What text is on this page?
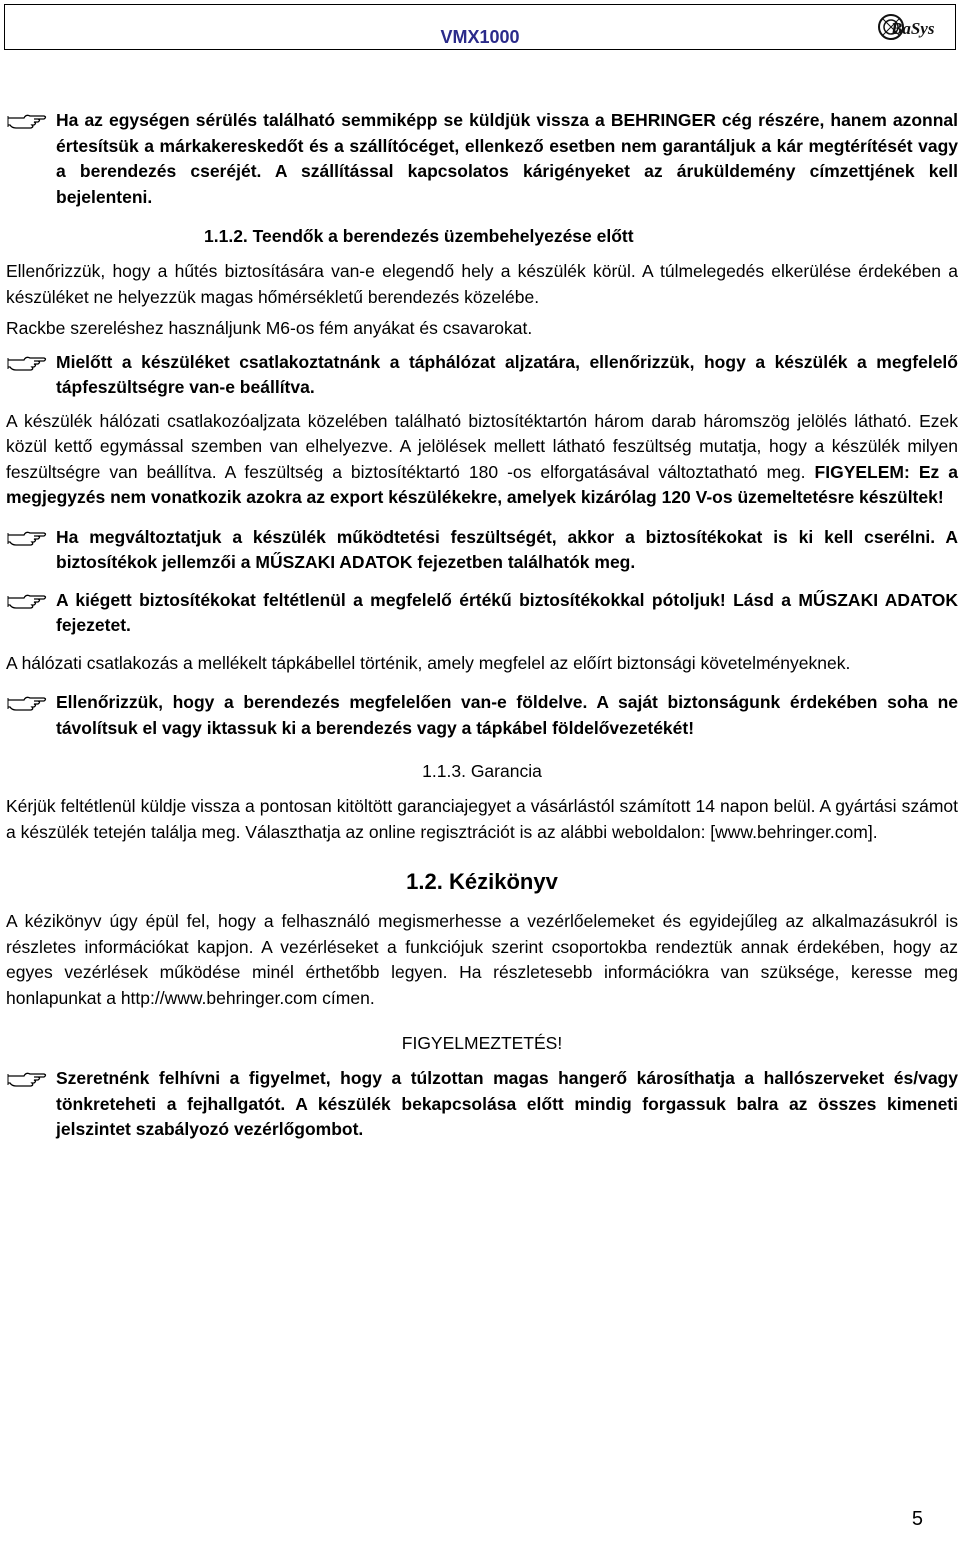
VMX1000	BaSys

Ha az egységen sérülés található semmiképp se küldjük vissza a BEHRINGER cég részére, hanem azonnal értesítsük a márkakereskedőt és a szállítócéget, ellenkező esetben nem garantáljuk a kár megtérítését vagy a berendezés cseréjét. A szállítással kapcsolatos kárigényeket az áruküldemény címzettjének kell bejelenteni.

1.1.2. Teendők a berendezés üzembehelyezése előtt

Ellenőrizzük, hogy a hűtés biztosítására van-e elegendő hely a készülék körül. A túlmelegedés elkerülése érdekében a készüléket ne helyezzük magas hőmérsékletű berendezés közelébe.

Rackbe szereléshez használjunk M6-os fém anyákat és csavarokat.

Mielőtt a készüléket csatlakoztatnánk a táphálózat aljzatára, ellenőrizzük, hogy a készülék a megfelelő tápfeszültségre van-e beállítva.

A készülék hálózati csatlakozóaljzata közelében található biztosítéktartón három darab háromszög jelölés látható. Ezek közül kettő egymással szemben van elhelyezve. A jelölések mellett látható feszültség mutatja, hogy a készülék milyen feszültségre van beállítva. A feszültség a biztosítéktartó 180 -os elforgatásával változtatható meg. FIGYELEM: Ez a megjegyzés nem vonatkozik azokra az export készülékekre, amelyek kizárólag 120 V-os üzemeltetésre készültek!

Ha megváltoztatjuk a készülék működtetési feszültségét, akkor a biztosítékokat is ki kell cserélni. A biztosítékok jellemzői a MŰSZAKI ADATOK fejezetben találhatók meg.

A kiégett biztosítékokat feltétlenül a megfelelő értékű biztosítékokkal pótoljuk! Lásd a MŰSZAKI ADATOK fejezetet.

A hálózati csatlakozás a mellékelt tápkábellel történik, amely megfelel az előírt biztonsági követelményeknek.

Ellenőrizzük, hogy a berendezés megfelelően van-e földelve. A saját biztonságunk érdekében soha ne távolítsuk el vagy iktassuk ki a berendezés vagy a tápkábel földelővezetékét!

1.1.3. Garancia

Kérjük feltétlenül küldje vissza a pontosan kitöltött garanciajegyet a vásárlástól számított 14 napon belül. A gyártási számot a készülék tetején találja meg. Választhatja az online regisztrációt is az alábbi weboldalon: [www.behringer.com].

1.2. Kézikönyv

A kézikönyv úgy épül fel, hogy a felhasználó megismerhesse a vezérlőelemeket és egyidejűleg az alkalmazásukról is részletes információkat kapjon. A vezérléseket a funkciójuk szerint csoportokba rendeztük annak érdekében, hogy az egyes vezérlések működése minél érthetőbb legyen. Ha részletesebb információkra van szüksége, keresse meg honlapunkat a http://www.behringer.com címen.

FIGYELMEZTETÉS!

Szeretnénk felhívni a figyelmet, hogy a túlzottan magas hangerő károsíthatja a hallószerveket és/vagy tönkreteheti a fejhallgatót. A készülék bekapcsolása előtt mindig forgassuk balra az összes kimeneti jelszintet szabályozó vezérlőgombot.

5
